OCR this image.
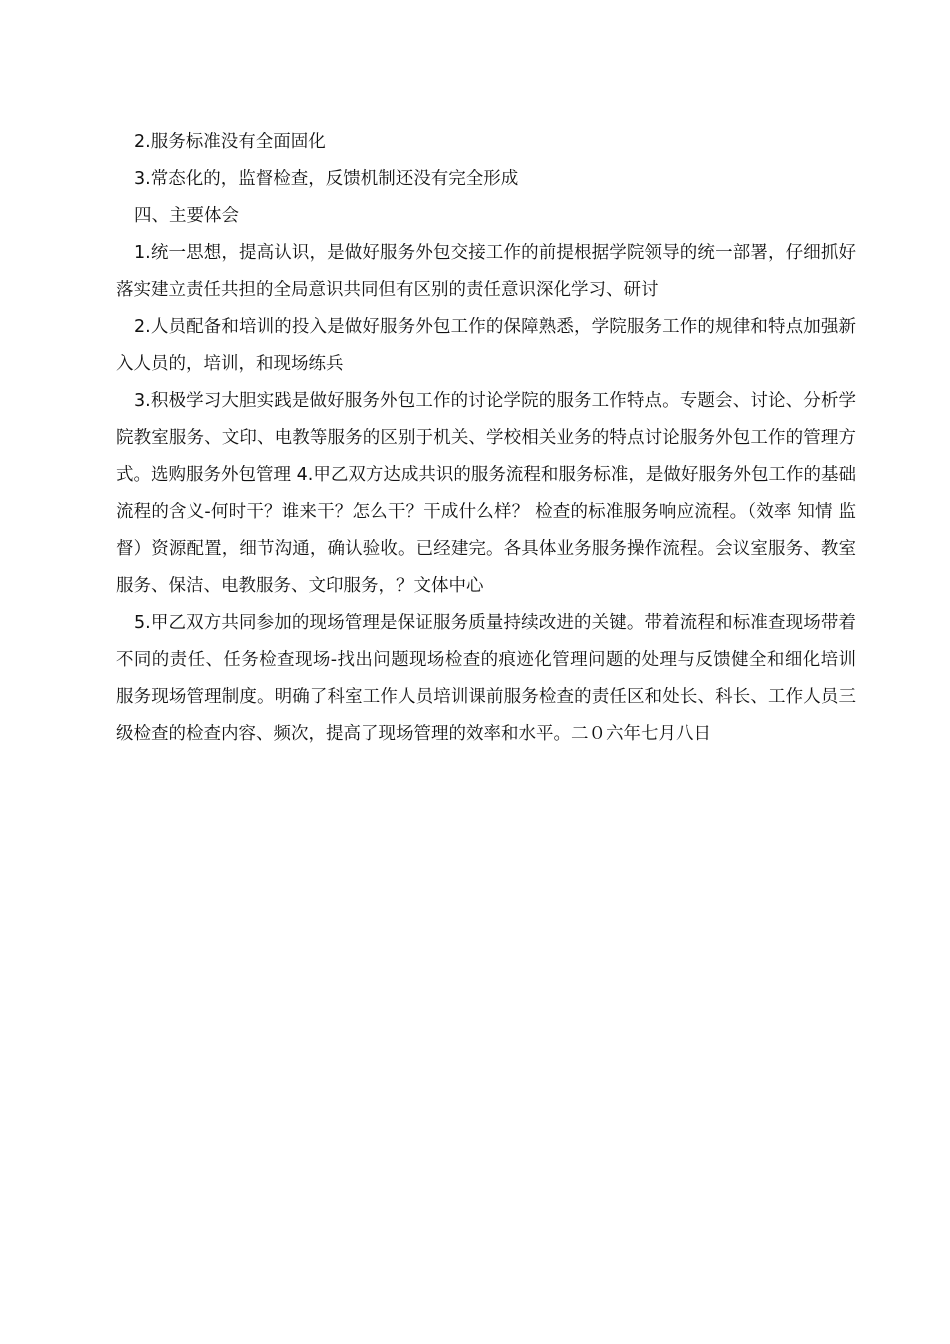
2.服务标准没有全面固化

3.常态化的，监督检查，反馈机制还没有完全形成

四、主要体会

1.统一思想，提高认识，是做好服务外包交接工作的前提根据学院领导的统一部署，仔细抓好落实建立责任共担的全局意识共同但有区别的责任意识深化学习、研讨

2.人员配备和培训的投入是做好服务外包工作的保障熟悉，学院服务工作的规律和特点加强新入人员的，培训，和现场练兵

3.积极学习大胆实践是做好服务外包工作的讨论学院的服务工作特点。专题会、讨论、分析学院教室服务、文印、电教等服务的区别于机关、学校相关业务的特点讨论服务外包工作的管理方式。选购服务外包管理 4.甲乙双方达成共识的服务流程和服务标准，是做好服务外包工作的基础流程的含义-何时干？谁来干？怎么干？干成什么样？ 检查的标准服务响应流程。（效率 知情 监督）资源配置，细节沟通，确认验收。已经建完。各具体业务服务操作流程。会议室服务、教室服务、保洁、电教服务、文印服务，？文体中心

5.甲乙双方共同参加的现场管理是保证服务质量持续改进的关键。带着流程和标准查现场带着不同的责任、任务检查现场-找出问题现场检查的痕迹化管理问题的处理与反馈健全和细化培训服务现场管理制度。明确了科室工作人员培训课前服务检查的责任区和处长、科长、工作人员三级检查的检查内容、频次，提高了现场管理的效率和水平。二０六年七月八日
